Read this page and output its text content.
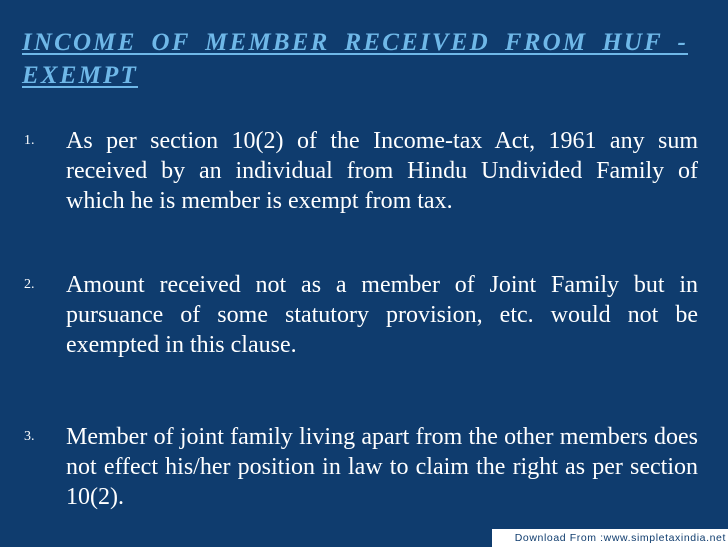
INCOME OF MEMBER RECEIVED FROM HUF - EXEMPT
1. As per section 10(2) of the Income-tax Act, 1961 any sum received by an individual from Hindu Undivided Family of which he is member is exempt from tax.
2. Amount received not as a member of Joint Family but in pursuance of some statutory provision, etc. would not be exempted in this clause.
3. Member of joint family living apart from the other members does not effect his/her position in law to claim the right as per section 10(2).
Download From :www.simpletaxindia.net
